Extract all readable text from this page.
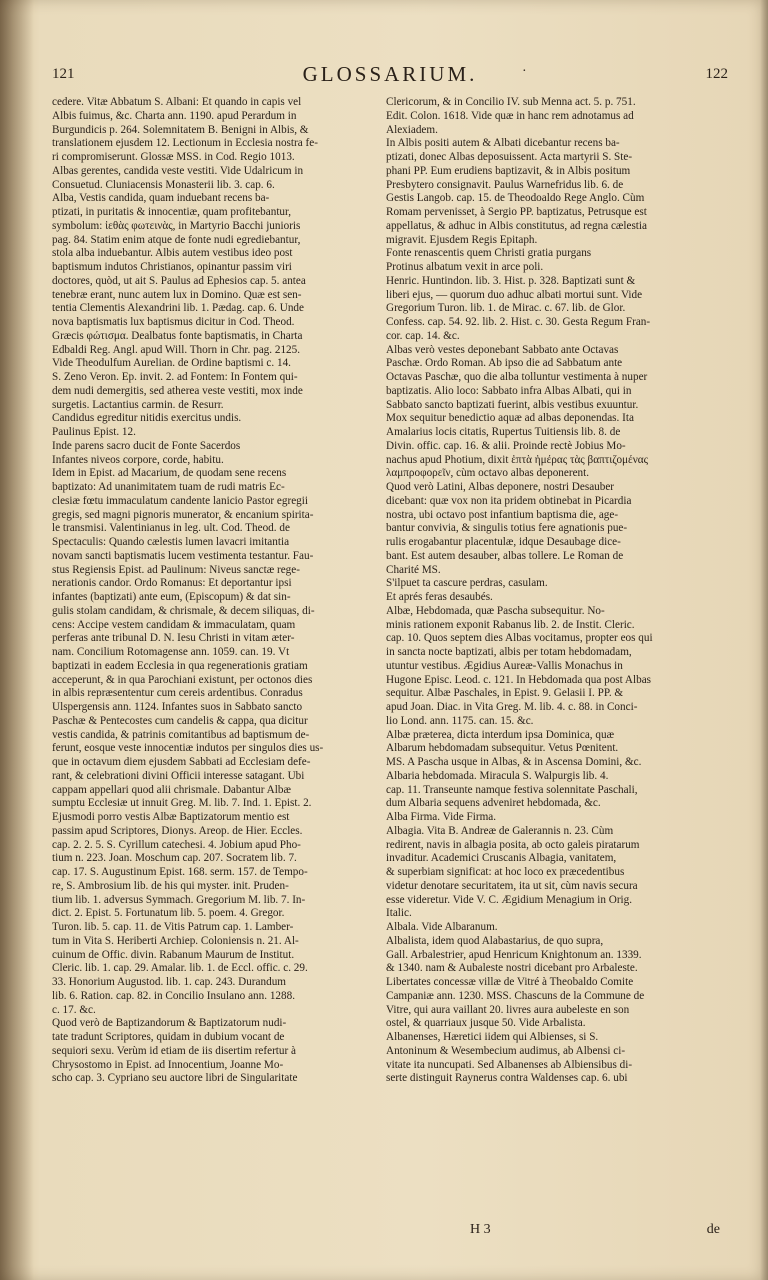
121	GLOSSARIUM.	·	122
cedere. Vitæ Abbatum S. Albani: Et quando in capis vel
Albis fuimus, &c. Charta ann. 1190. apud Perardum in
Burgundicis p. 264. Solemnitatem B. Benigni in Albis, &
translationem ejusdem 12. Lectionum in Ecclesia nostra fe-
ri compromiserunt. Glossæ MSS. in Cod. Regio 1013.
Albas gerentes, candida veste vestiti. Vide Udalricum in
Consuetud. Cluniacensis Monasterii lib. 3. cap. 6.
Alba, Vestis candida, quam induebant recens ba-
ptizati, in puritatis & innocentiæ, quam profitebantur,
symbolum: ἱεθὰς φωτεινὰς, in Martyrio Bacchi junioris
pag. 84. Statim enim atque de fonte nudi egrediebantur,
stola alba induebantur. Albis autem vestibus ideo post
baptismum indutos Christianos, opinantur passim viri
doctores, quòd, ut ait S. Paulus ad Ephesios cap. 5. antea
tenebræ erant, nunc autem lux in Domino. Quæ est sen-
tentia Clementis Alexandrini lib. 1. Pædag. cap. 6. Unde
nova baptismatis lux baptismus dicitur in Cod. Theod.
Græcis φώτισμα. Dealbatus fonte baptismatis, in Charta
Edbaldi Reg. Angl. apud Will. Thorn in Chr. pag. 2125.
Vide Theodulfum Aurelian. de Ordine baptismi c. 14.
S. Zeno Veron. Ep. invit. 2. ad Fontem: In Fontem qui-
dem nudi demergitis, sed atherea veste vestiti, mox inde
surgetis. Lactantius carmin. de Resurr.
Candidus egreditur nitidis exercitus undis.
Paulinus Epist. 12.
Inde parens sacro ducit de Fonte Sacerdos
Infantes niveos corpore, corde, habitu.
Idem in Epist. ad Macarium, de quodam sene recens
baptizato: Ad unanimitatem tuam de rudi matris Ec-
clesiæ fœtu immaculatum candente lanicio Pastor egregii
gregis, sed magni pignoris munerator, & encanium spirita-
le transmisi. Valentinianus in leg. ult. Cod. Theod. de
Spectaculis: Quando cælestis lumen lavacri imitantia
novam sancti baptismatis lucem vestimenta testantur. Fau-
stus Regiensis Epist. ad Paulinum: Niveus sanctæ rege-
nerationis candor. Ordo Romanus: Et deportantur ipsi
infantes (baptizati) ante eum, (Episcopum) & dat sin-
gulis stolam candidam, & chrismale, & decem siliquas, di-
cens: Accipe vestem candidam & immaculatam, quam
perferas ante tribunal D. N. Iesu Christi in vitam æter-
nam. Concilium Rotomagense ann. 1059. can. 19. Vt
baptizati in eadem Ecclesia in qua regenerationis gratiam
acceperunt, & in qua Parochiani existunt, per octonos dies
in albis repræsententur cum cereis ardentibus. Conradus
Ulspergensis ann. 1124. Infantes suos in Sabbato sancto
Paschæ & Pentecostes cum candelis & cappa, qua dicitur
vestis candida, & patrinis comitantibus ad baptismum de-
ferunt, eosque veste innocentiæ indutos per singulos dies us-
que in octavum diem ejusdem Sabbati ad Ecclesiam defe-
rant, & celebrationi divini Officii interesse satagant. Ubi
cappam appellari quod alii chrismale. Dabantur Albæ
sumptu Ecclesiæ ut innuit Greg. M. lib. 7. Ind. 1. Epist. 2.
Ejusmodi porro vestis Albæ Baptizatorum mentio est
passim apud Scriptores, Dionys. Areop. de Hier. Eccles.
cap. 2. 2. 5. S. Cyrillum catechesi. 4. Jobium apud Pho-
tium n. 223. Joan. Moschum cap. 207. Socratem lib. 7.
cap. 17. S. Augustinum Epist. 168. serm. 157. de Tempo-
re, S. Ambrosium lib. de his qui myster. init. Pruden-
tium lib. 1. adversus Symmach. Gregorium M. lib. 7. In-
dict. 2. Epist. 5. Fortunatum lib. 5. poem. 4. Gregor.
Turon. lib. 5. cap. 11. de Vitis Patrum cap. 1. Lamber-
tum in Vita S. Heriberti Archiep. Coloniensis n. 21. Al-
cuinum de Offic. divin. Rabanum Maurum de Institut.
Cleric. lib. 1. cap. 29. Amalar. lib. 1. de Eccl. offic. c. 29.
33. Honorium Augustod. lib. 1. cap. 243. Durandum
lib. 6. Ration. cap. 82. in Concilio Insulano ann. 1288.
c. 17. &c.
Quod verò de Baptizandorum & Baptizatorum nudi-
tate tradunt Scriptores, quidam in dubium vocant de
sequiori sexu. Verùm id etiam de iis disertim refertur à
Chrysostomo in Epist. ad Innocentium, Joanne Mo-
scho cap. 3. Cypriano seu auctore libri de Singularitate
Clericorum, & in Concilio IV. sub Menna act. 5. p. 751.
Edit. Colon. 1618. Vide quæ in hanc rem adnotamus ad
Alexiadem.
In Albis positi autem & Albati dicebantur recens ba-
ptizati, donec Albas deposuissent. Acta martyrii S. Ste-
phani PP. Eum erudiens baptizavit, & in Albis positum
Presbytero consignavit. Paulus Warnefridus lib. 6. de
Gestis Langob. cap. 15. de Theodoaldo Rege Anglo. Cùm
Romam pervenisset, à Sergio PP. baptizatus, Petrusque est
appellatus, & adhuc in Albis constitutus, ad regna cælestia
migravit. Ejusdem Regis Epitaph.
Fonte renascentis quem Christi gratia purgans
Protinus albatum vexit in arce poli.
Henric. Huntindon. lib. 3. Hist. p. 328. Baptizati sunt &
liberi ejus, — quorum duo adhuc albati mortui sunt. Vide
Gregorium Turon. lib. 1. de Mirac. c. 67. lib. de Glor.
Confess. cap. 54. 92. lib. 2. Hist. c. 30. Gesta Regum Fran-
cor. cap. 14. &c.
Albas verò vestes deponebant Sabbato ante Octavas
Paschæ. Ordo Roman. Ab ipso die ad Sabbatum ante
Octavas Paschæ, quo die alba tolluntur vestimenta à nuper
baptizatis. Alio loco: Sabbato infra Albas Albati, qui in
Sabbato sancto baptizati fuerint, albis vestibus exuuntur.
Mox sequitur benedictio aquæ ad albas deponendas. Ita
Amalarius locis citatis, Rupertus Tuitiensis lib. 8. de
Divin. offic. cap. 16. & alii. Proinde rectè Jobius Mo-
nachus apud Photium, dixit ἑπτὰ ἡμέρας τὰς βαπτιζομένας
λαμπροφορεῖν, cùm octavo albas deponerent.
Quod verò Latini, Albas deponere, nostri Desauber
dicebant: quæ vox non ita pridem obtinebat in Picardia
nostra, ubi octavo post infantium baptisma die, age-
bantur convivia, & singulis totius fere agnationis pue-
rulis erogabantur placentulæ, idque Desaubage dice-
bant. Est autem desauber, albas tollere. Le Roman de
Charité MS.
S'ilpuet ta cascure perdras, casulam.
Et aprés feras desaubés.
Albæ, Hebdomada, quæ Pascha subsequitur. No-
minis rationem exponit Rabanus lib. 2. de Instit. Cleric.
cap. 10. Quos septem dies Albas vocitamus, propter eos qui
in sancta nocte baptizati, albis per totam hebdomadam,
utuntur vestibus. Ægidius Aureæ-Vallis Monachus in
Hugone Episc. Leod. c. 121. In Hebdomada qua post Albas
sequitur. Albæ Paschales, in Epist. 9. Gelasii I. PP. &
apud Joan. Diac. in Vita Greg. M. lib. 4. c. 88. in Conci-
lio Lond. ann. 1175. can. 15. &c.
Albæ præterea, dicta interdum ipsa Dominica, quæ
Albarum hebdomadam subsequitur. Vetus Pœnitent.
MS. A Pascha usque in Albas, & in Ascensa Domini, &c.
Albaria hebdomada. Miracula S. Walpurgis lib. 4.
cap. 11. Transeunte namque festiva solennitate Paschali,
dum Albaria sequens adveniret hebdomada, &c.
Alba Firma. Vide Firma.
Albagia. Vita B. Andreæ de Galerannis n. 23. Cùm
redirent, navis in albagia posita, ab octo galeis piratarum
invaditur. Academici Cruscanis Albagia, vanitatem,
& superbiam significat: at hoc loco ex præcedentibus
videtur denotare securitatem, ita ut sit, cùm navis secura
esse videretur. Vide V. C. Ægidium Menagium in Orig.
Italic.
Albala. Vide Albaranum.
Albalista, idem quod Alabastarius, de quo supra,
Gall. Arbalestrier, apud Henricum Knightonum an. 1339.
& 1340. nam & Aubaleste nostri dicebant pro Arbaleste.
Libertates concessæ villæ de Vitré à Theobaldo Comite
Campaniæ ann. 1230. MSS. Chascuns de la Commune de
Vitre, qui aura vaillant 20. livres aura aubeleste en son
ostel, & quarriaux jusque 50. Vide Arbalista.
Albanenses, Hæretici iidem qui Albienses, si S.
Antoninum & Wesembecium audimus, ab Albensi ci-
vitate ita nuncupati. Sed Albanenses ab Albiensibus di-
serte distinguit Raynerus contra Waldenses cap. 6. ubi
H 3	de
